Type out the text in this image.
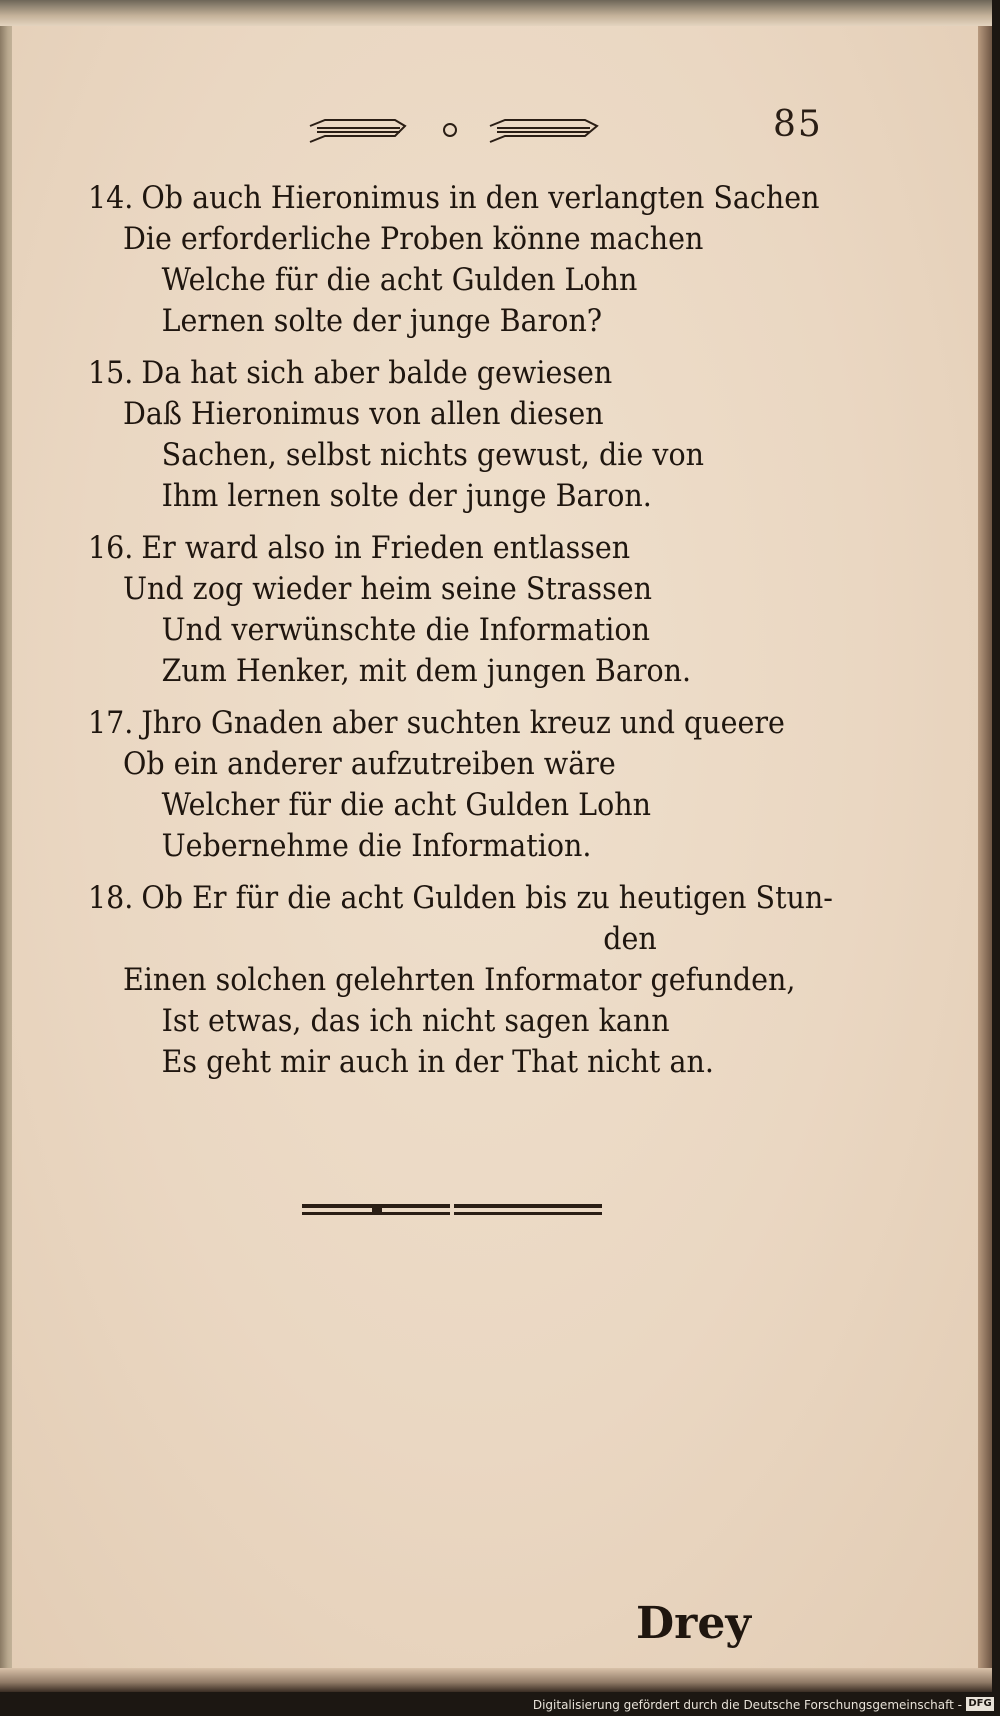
85
14. Ob auch Hieronimus in den verlangten Sachen
Die erforderliche Proben könne machen
Welche für die acht Gulden Lohn
Lernen solte der junge Baron?
15. Da hat sich aber balde gewiesen
Daß Hieronimus von allen diesen
Sachen, selbst nichts gewust, die von
Ihm lernen solte der junge Baron.
16. Er ward also in Frieden entlassen
Und zog wieder heim seine Strassen
Und verwünschte die Information
Zum Henker, mit dem jungen Baron.
17. Jhro Gnaden aber suchten kreuz und queere
Ob ein anderer aufzutreiben wäre
Welcher für die acht Gulden Lohn
Uebernehme die Information.
18. Ob Er für die acht Gulden bis zu heutigen Stun-
den
Einen solchen gelehrten Informator gefunden,
Ist etwas, das ich nicht sagen kann
Es geht mir auch in der That nicht an.
Drey
Digitalisierung gefördert durch die Deutsche Forschungsgemeinschaft - DFG
